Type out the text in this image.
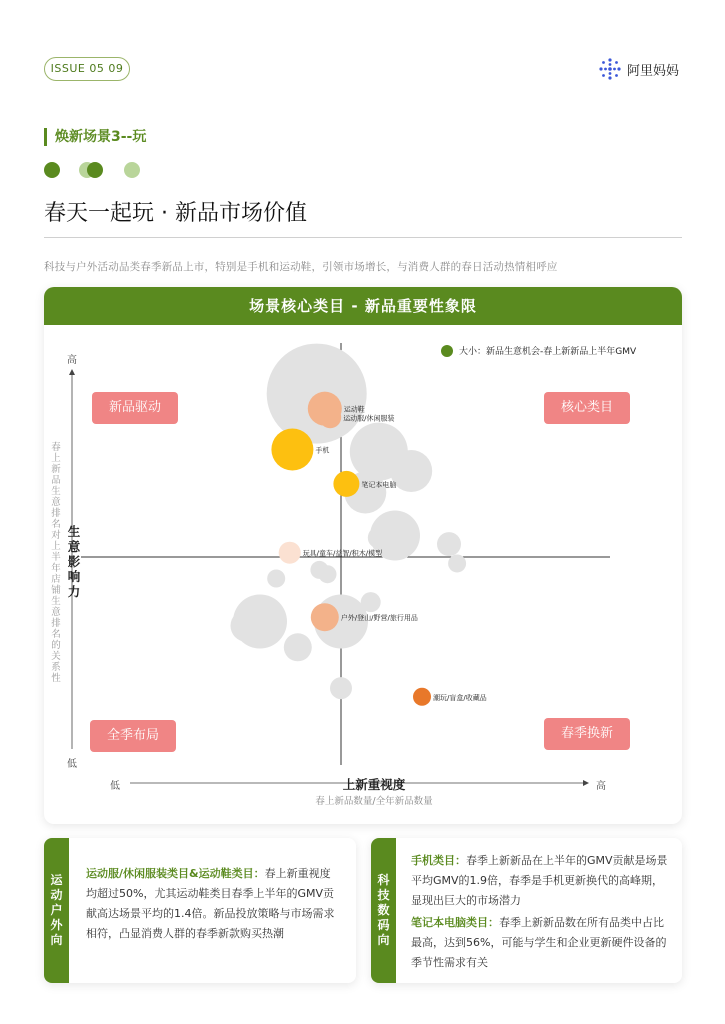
ISSUE 05 09	阿里妈妈
焕新场景3--玩
春天一起玩 · 新品市场价值
科技与户外活动品类春季新品上市，特别是手机和运动鞋，引领市场增长，与消费人群的春日活动热情相呼应
场景核心类目 - 新品重要性象限
运动鞋
运动服/休闲服装
手机
笔记本电脑
玩具/童车/益智/积木/模型
户外/登山/野营/旅行用品
潮玩/盲盒/收藏品
大小：新品生意机会-春上新新品上半年GMV
新品驱动	核心类目
全季布局	春季换新
春上新品生意排名对上半年店铺生意排名的关系性
生意影响力
高
低
低	高
上新重视度
春上新品数量/全年新品数量
运动户外向
运动服/休闲服装类目&运动鞋类目：春上新重视度均超过50%，尤其运动鞋类目春季上半年的GMV贡献高达场景平均的1.4倍。新品投放策略与市场需求相符，凸显消费人群的春季新款购买热潮
科技数码向
手机类目：春季上新新品在上半年的GMV贡献是场景平均GMV的1.9倍，春季是手机更新换代的高峰期，显现出巨大的市场潜力
笔记本电脑类目：春季上新新品数在所有品类中占比最高，达到56%，可能与学生和企业更新硬件设备的季节性需求有关
